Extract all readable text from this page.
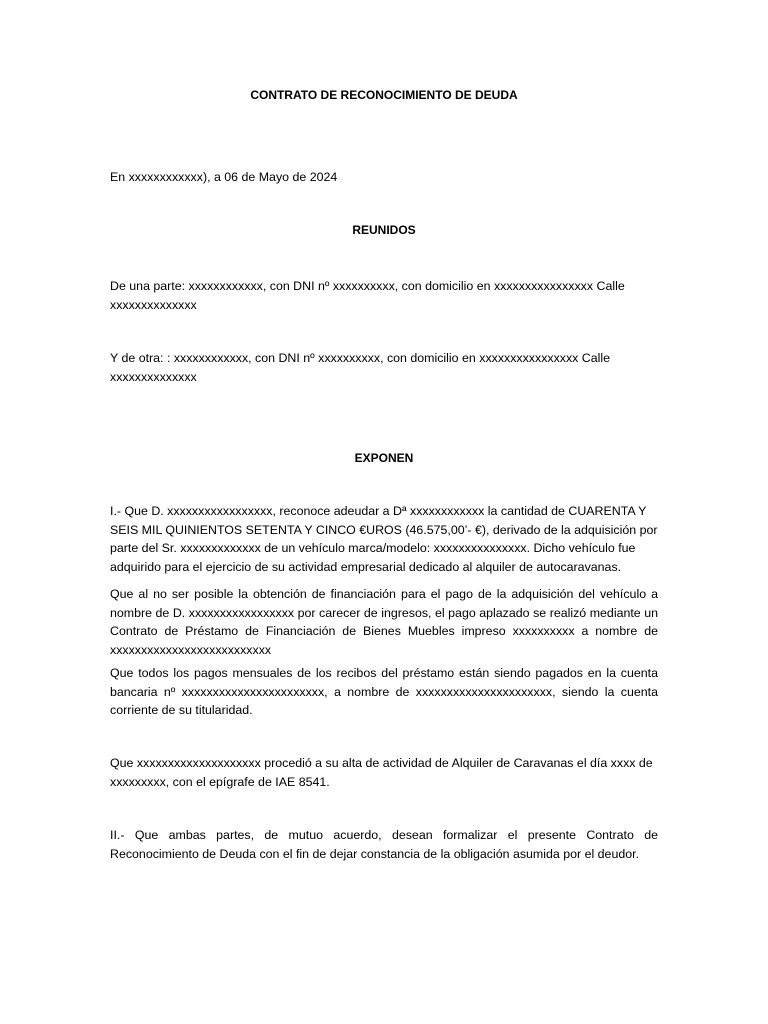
CONTRATO DE RECONOCIMIENTO DE DEUDA

En xxxxxxxxxxxx), a 06 de Mayo de 2024

REUNIDOS

De una parte: xxxxxxxxxxxx, con DNI nº xxxxxxxxxx, con domicilio en xxxxxxxxxxxxxxxx Calle xxxxxxxxxxxxxx

Y de otra: : xxxxxxxxxxxx, con DNI nº xxxxxxxxxx, con domicilio en xxxxxxxxxxxxxxxx Calle xxxxxxxxxxxxxx

EXPONEN

I.- Que D. xxxxxxxxxxxxxxxxx, reconoce adeudar a Dª xxxxxxxxxxxx la cantidad de CUARENTA Y SEIS MIL QUINIENTOS SETENTA Y CINCO €UROS (46.575,00’- €), derivado de la adquisición por parte del Sr. xxxxxxxxxxxxx de un vehículo marca/modelo: xxxxxxxxxxxxxxx. Dicho vehículo fue adquirido para el ejercicio de su actividad empresarial dedicado al alquiler de autocaravanas.

Que al no ser posible la obtención de financiación para el pago de la adquisición del vehículo a nombre de D. xxxxxxxxxxxxxxxxx por carecer de ingresos, el pago aplazado se realizó mediante un Contrato de Préstamo de Financiación de Bienes Muebles impreso xxxxxxxxxx a nombre de xxxxxxxxxxxxxxxxxxxxxxxxxx

Que todos los pagos mensuales de los recibos del préstamo están siendo pagados en la cuenta bancaria nº xxxxxxxxxxxxxxxxxxxxxxx, a nombre de xxxxxxxxxxxxxxxxxxxxxx, siendo la cuenta corriente de su titularidad.

Que xxxxxxxxxxxxxxxxxxxx procedió a su alta de actividad de Alquiler de Caravanas el día xxxx de xxxxxxxxx, con el epígrafe de IAE 8541.

II.- Que ambas partes, de mutuo acuerdo, desean formalizar el presente Contrato de Reconocimiento de Deuda con el fin de dejar constancia de la obligación asumida por el deudor.
